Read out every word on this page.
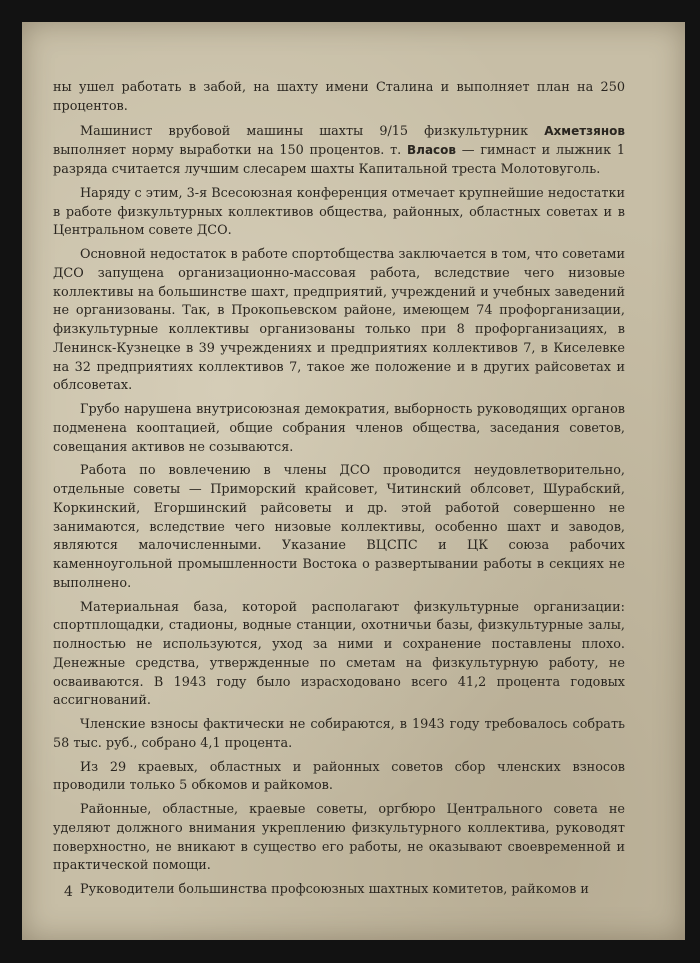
ны ушел работать в забой, на шахту имени Сталина и выполняет план на 250 процентов.

Машинист врубовой машины шахты 9/15 физкультурник Ахметзянов выполняет норму выработки на 150 процентов. т. Власов — гимнаст и лыжник 1 разряда считается лучшим слесарем шахты Капитальной треста Молотовуголь.

Наряду с этим, 3-я Всесоюзная конференция отмечает крупнейшие недостатки в работе физкультурных коллективов общества, районных, областных советах и в Центральном совете ДСО.

Основной недостаток в работе спортобщества заключается в том, что советами ДСО запущена организационно-массовая работа, вследствие чего низовые коллективы на большинстве шахт, предприятий, учреждений и учебных заведений не организованы. Так, в Прокопьевском районе, имеющем 74 профорганизации, физкультурные коллективы организованы только при 8 профорганизациях, в Ленинск-Кузнецке в 39 учреждениях и предприятиях коллективов 7, в Киселевке на 32 предприятиях коллективов 7, такое же положение и в других райсоветах и облсоветах.

Грубо нарушена внутрисоюзная демократия, выборность руководящих органов подменена кооптацией, общие собрания членов общества, заседания советов, совещания активов не созываются.

Работа по вовлечению в члены ДСО проводится неудовлетворительно, отдельные советы — Приморский крайсовет, Читинский облсовет, Шурабский, Коркинский, Егоршинский райсоветы и др. этой работой совершенно не занимаются, вследствие чего низовые коллективы, особенно шахт и заводов, являются малочисленными. Указание ВЦСПС и ЦК союза рабочих каменноугольной промышленности Востока о развертывании работы в секциях не выполнено.

Материальная база, которой располагают физкультурные организации: спортплощадки, стадионы, водные станции, охотничьи базы, физкультурные залы, полностью не используются, уход за ними и сохранение поставлены плохо. Денежные средства, утвержденные по сметам на физкультурную работу, не осваиваются. В 1943 году было израсходовано всего 41,2 процента годовых ассигнований.

Членские взносы фактически не собираются, в 1943 году требовалось собрать 58 тыс. руб., собрано 4,1 процента.

Из 29 краевых, областных и районных советов сбор членских взносов проводили только 5 обкомов и райкомов.

Районные, областные, краевые советы, оргбюро Центрального совета не уделяют должного внимания укреплению физкультурного коллектива, руководят поверхностно, не вникают в существо его работы, не оказывают своевременной и практической помощи.

Руководители большинства профсоюзных шахтных комитетов, райкомов и

4
